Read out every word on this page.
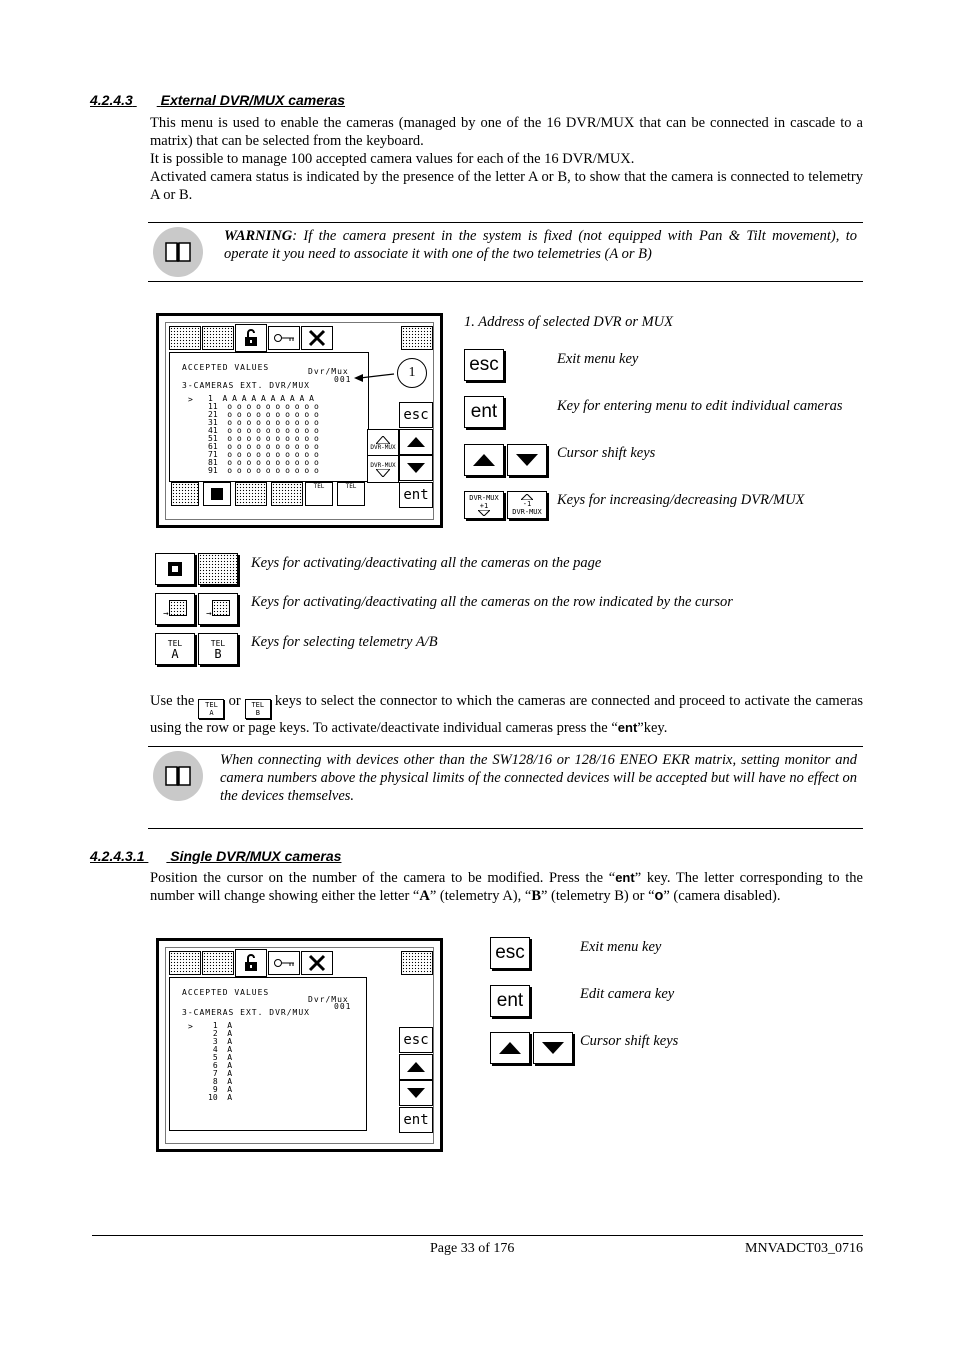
4.2.4.3 External DVR/MUX cameras
This menu is used to enable the cameras (managed by one of the 16 DVR/MUX that can be connected in cascade to a matrix) that can be selected from the keyboard.
It is possible to manage 100 accepted camera values for each of the 16 DVR/MUX.
Activated camera status is indicated by the presence of the letter A or B, to show that the camera is connected to telemetry A or B.
WARNING: If the camera present in the system is fixed (not equipped with Pan & Tilt movement), to operate it you need to associate it with one of the two telemetries (A or B)
ACCEPTED VALUES	Dvr/Mux
001
3-CAMERAS EXT. DVR/MUX
> 1  A A A A A A A A A A
11  o o o o o o o o o o
21  o o o o o o o o o o
31  o o o o o o o o o o
41  o o o o o o o o o o
51  o o o o o o o o o o
61  o o o o o o o o o o
71  o o o o o o o o o o
81  o o o o o o o o o o
91  o o o o o o o o o o
1
esc
DVR-MUX
DVR-MUX
ent
TEL	TEL
1. Address of selected DVR or MUX
esc	Exit menu key
ent	Key for entering menu to edit individual cameras
Cursor shift keys
DVR-MUX
+1	-1
DVR-MUX
Keys for increasing/decreasing DVR/MUX
Keys for activating/deactivating all the cameras on the page
→	→
Keys for activating/deactivating all the cameras on the row indicated by the cursor
TEL
A
TEL
B
Keys for selecting telemetry A/B
Use the TEL
A
or TEL
B
keys to select the connector to which the cameras are connected and proceed to activate the cameras using the row or page keys. To activate/deactivate individual cameras press the “ent”key.
When connecting with devices other than the SW128/16 or 128/16 ENEO EKR matrix, setting monitor and camera numbers above the physical limits of the connected devices will be accepted but will have no effect on the devices themselves.
4.2.4.3.1 Single DVR/MUX cameras
Position the cursor on the number of the camera to be modified. Press the “ent” key. The letter corresponding to the number will change showing either the letter “A” (telemetry A), “B” (telemetry B) or “o” (camera disabled).
ACCEPTED VALUES
Dvr/Mux
001
3-CAMERAS EXT. DVR/MUX
> 1  A
2  A
3  A
4  A
5  A
6  A
7  A
8  A
9  A
10  A
esc
ent
esc	Exit menu key
ent	Edit camera key
Cursor shift keys
Page 33 of 176	MNVADCT03_0716
